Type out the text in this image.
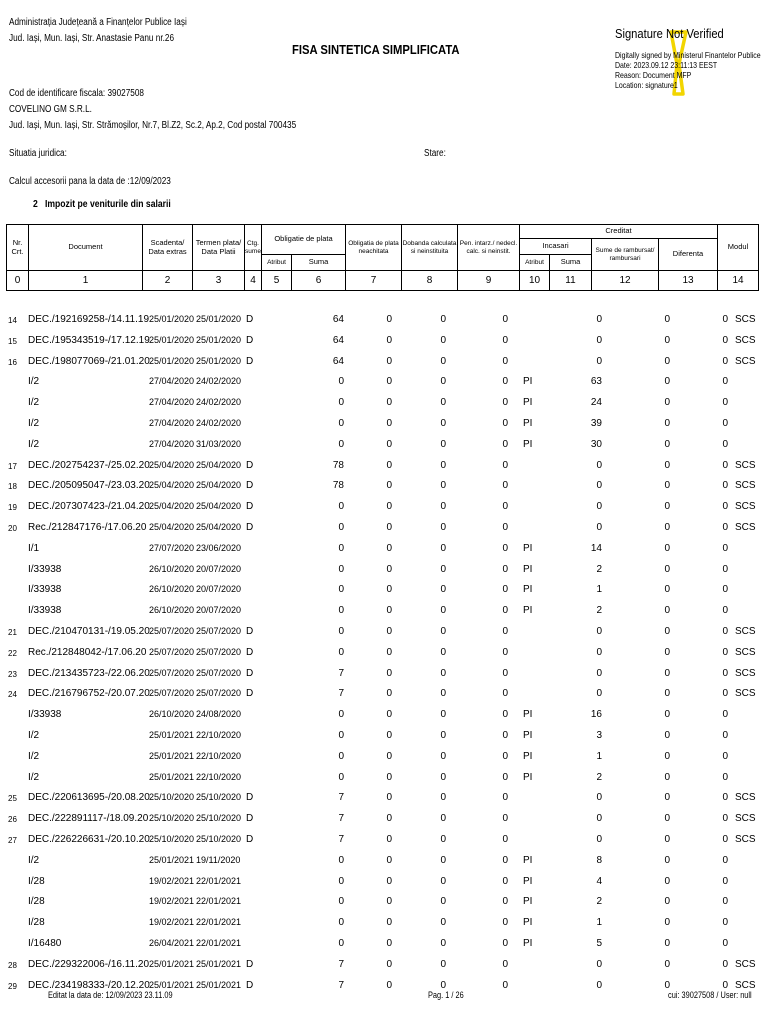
Administrația Județeană a Finanțelor Publice Iași
Jud. Iași, Mun. Iași, Str. Anastasie Panu nr.26
FISA SINTETICA SIMPLIFICATA
Cod de identificare fiscala: 39027508
COVELINO GM S.R.L.
Jud. Iași, Mun. Iași, Str. Strămoșilor, Nr.7, Bl.Z2, Sc.2, Ap.2, Cod postal 700435
Situatia juridica:	Stare:
Calcul accesorii pana la data de :12/09/2023
2 Impozit pe veniturile din salarii
Signature Not Verified
Digitally signed by Ministerul Finantelor Publice
Date: 2023.09.12 23:11:13 EEST
Reason: Document MFP
Location: signature1
Nr. Crt.	Document	Scadenta/ Data extras	Termen plata/ Data Platii	Ctg. sume	Obligatie de plata		Obligatia de plata neachitata	Dobanda calculata si neinstituita	Pen. intarz./ nedecl. calc. si neinstit.	Creditat				Modul
										Incasari		Sume de rambursat/ rambursari	Diferenta	
					Atribut	Suma				Atribut	Suma			
0	1	2	3	4	5	6	7	8	9	10	11	12	13	14
14 DEC./192169258-/14.11.19 25/01/2020 25/01/2020 D	64	0	0	0	0	0	0 SCS
15 DEC./195343519-/17.12.19 25/01/2020 25/01/2020 D	64	0	0	0	0	0	0 SCS
16 DEC./198077069-/21.01.20 25/01/2020 25/01/2020 D	64	0	0	0	0	0	0 SCS
I/2	27/04/2020 24/02/2020	0	0	0	0 PI	63	0	0
I/2	27/04/2020 24/02/2020	0	0	0	0 PI	24	0	0
I/2	27/04/2020 24/02/2020	0	0	0	0 PI	39	0	0
I/2	27/04/2020 31/03/2020	0	0	0	0 PI	30	0	0
17 DEC./202754237-/25.02.20 25/04/2020 25/04/2020 D	78	0	0	0	0	0	0 SCS
18 DEC./205095047-/23.03.20 25/04/2020 25/04/2020 D	78	0	0	0	0	0	0 SCS
19 DEC./207307423-/21.04.20 25/04/2020 25/04/2020 D	0	0	0	0	0	0	0 SCS
20 Rec./212847176-/17.06.20 25/04/2020 25/04/2020 D	0	0	0	0	0	0	0 SCS
I/1	27/07/2020 23/06/2020	0	0	0	0 PI	14	0	0
I/33938	26/10/2020 20/07/2020	0	0	0	0 PI	2	0	0
I/33938	26/10/2020 20/07/2020	0	0	0	0 PI	1	0	0
I/33938	26/10/2020 20/07/2020	0	0	0	0 PI	2	0	0
21 DEC./210470131-/19.05.20 25/07/2020 25/07/2020 D	0	0	0	0	0	0	0 SCS
22 Rec./212848042-/17.06.20 25/07/2020 25/07/2020 D	0	0	0	0	0	0	0 SCS
23 DEC./213435723-/22.06.20 25/07/2020 25/07/2020 D	7	0	0	0	0	0	0 SCS
24 DEC./216796752-/20.07.20 25/07/2020 25/07/2020 D	7	0	0	0	0	0	0 SCS
I/33938	26/10/2020 24/08/2020	0	0	0	0 PI	16	0	0
I/2	25/01/2021 22/10/2020	0	0	0	0 PI	3	0	0
I/2	25/01/2021 22/10/2020	0	0	0	0 PI	1	0	0
I/2	25/01/2021 22/10/2020	0	0	0	0 PI	2	0	0
25 DEC./220613695-/20.08.20 25/10/2020 25/10/2020 D	7	0	0	0	0	0	0 SCS
26 DEC./222891117-/18.09.20 25/10/2020 25/10/2020 D	7	0	0	0	0	0	0 SCS
27 DEC./226226631-/20.10.20 25/10/2020 25/10/2020 D	7	0	0	0	0	0	0 SCS
I/2	25/01/2021 19/11/2020	0	0	0	0 PI	8	0	0
I/28	19/02/2021 22/01/2021	0	0	0	0 PI	4	0	0
I/28	19/02/2021 22/01/2021	0	0	0	0 PI	2	0	0
I/28	19/02/2021 22/01/2021	0	0	0	0 PI	1	0	0
I/16480	26/04/2021 22/01/2021	0	0	0	0 PI	5	0	0
28 DEC./229322006-/16.11.20 25/01/2021 25/01/2021 D	7	0	0	0	0	0	0 SCS
29 DEC./234198333-/20.12.20 25/01/2021 25/01/2021 D	7	0	0	0	0	0	0 SCS
Editat la data de: 12/09/2023 23.11.09	Pag. 1 / 26	cui: 39027508 / User: null
